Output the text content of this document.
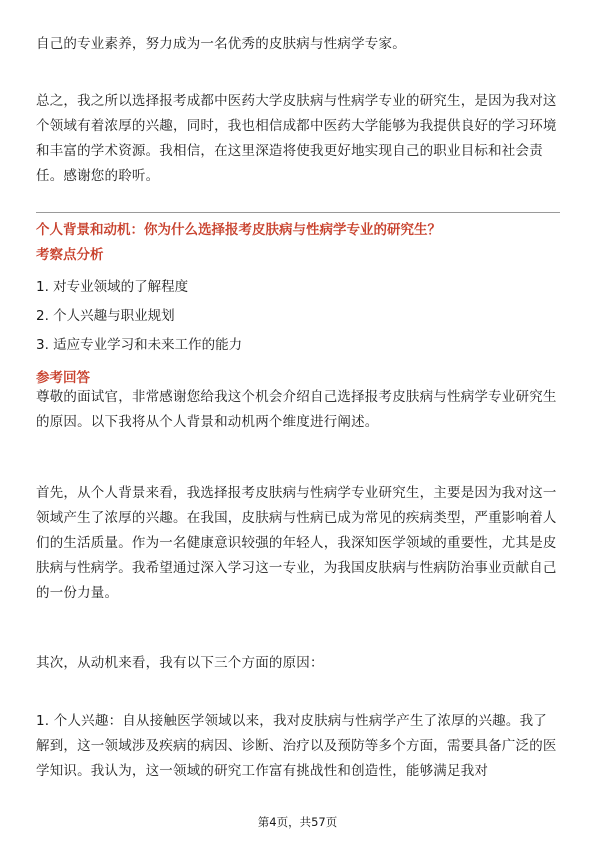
自己的专业素养，努力成为一名优秀的皮肤病与性病学专家。

总之，我之所以选择报考成都中医药大学皮肤病与性病学专业的研究生，是因为我对这个领域有着浓厚的兴趣，同时，我也相信成都中医药大学能够为我提供良好的学习环境和丰富的学术资源。我相信，在这里深造将使我更好地实现自己的职业目标和社会责任。感谢您的聆听。

个人背景和动机：你为什么选择报考皮肤病与性病学专业的研究生？
考察点分析
1. 对专业领域的了解程度
2. 个人兴趣与职业规划
3. 适应专业学习和未来工作的能力
参考回答

尊敬的面试官，非常感谢您给我这个机会介绍自己选择报考皮肤病与性病学专业研究生的原因。以下我将从个人背景和动机两个维度进行阐述。

首先，从个人背景来看，我选择报考皮肤病与性病学专业研究生，主要是因为我对这一领域产生了浓厚的兴趣。在我国，皮肤病与性病已成为常见的疾病类型，严重影响着人们的生活质量。作为一名健康意识较强的年轻人，我深知医学领域的重要性，尤其是皮肤病与性病学。我希望通过深入学习这一专业，为我国皮肤病与性病防治事业贡献自己的一份力量。

其次，从动机来看，我有以下三个方面的原因：

1. 个人兴趣：自从接触医学领域以来，我对皮肤病与性病学产生了浓厚的兴趣。我了解到，这一领域涉及疾病的病因、诊断、治疗以及预防等多个方面，需要具备广泛的医学知识。我认为，这一领域的研究工作富有挑战性和创造性，能够满足我对

第4页，共57页
